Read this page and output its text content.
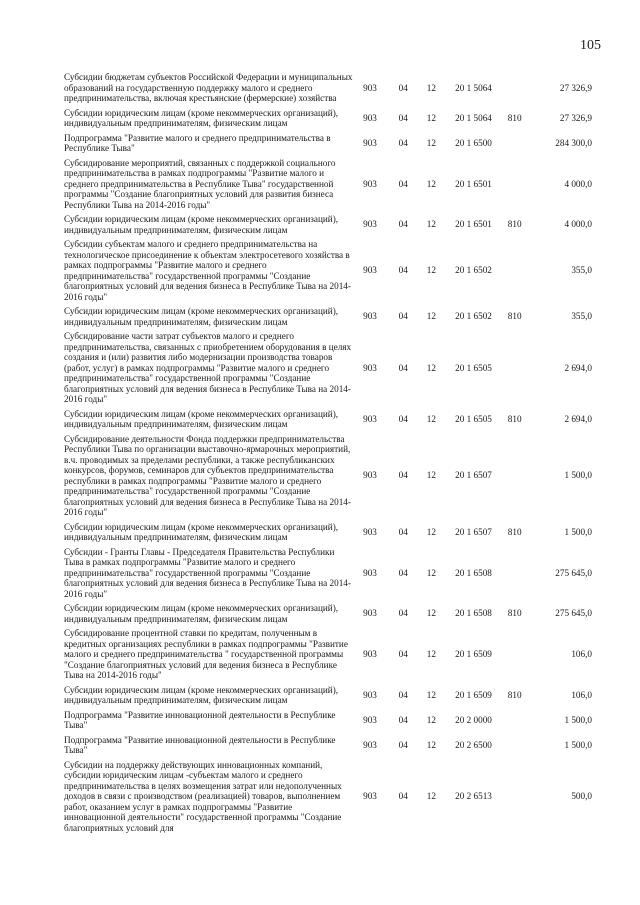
105
Субсидии бюджетам субъектов Российской Федерации и муниципальных образований на государственную поддержку малого и среднего предпринимательства, включая крестьянские (фермерские) хозяйства	903	04	12	20 1 5064		27 326,9
Субсидии юридическим лицам (кроме некоммерческих организаций), индивидуальным предпринимателям, физическим лицам	903	04	12	20 1 5064	810	27 326,9
Подпрограмма "Развитие малого и среднего предпринимательства в Республике Тыва"	903	04	12	20 1 6500		284 300,0
Субсидирование мероприятий, связанных с поддержкой социального предпринимательства в рамках подпрограммы "Развитие малого и среднего предпринимательства в Республике Тыва" государственной программы "Создание благоприятных условий для развития бизнеса Республики Тыва на 2014-2016 годы"	903	04	12	20 1 6501		4 000,0
Субсидии юридическим лицам (кроме некоммерческих организаций), индивидуальным предпринимателям, физическим лицам	903	04	12	20 1 6501	810	4 000,0
Субсидии субъектам малого и среднего предпринимательства на технологическое присоединение к объектам электросетевого хозяйства в рамках подпрограммы "Развитие малого и среднего предпринимательства" государственной программы "Создание благоприятных условий для ведения бизнеса в Республике Тыва на 2014-2016 годы"	903	04	12	20 1 6502		355,0
Субсидии юридическим лицам (кроме некоммерческих организаций), индивидуальным предпринимателям, физическим лицам	903	04	12	20 1 6502	810	355,0
Субсидирование части затрат субъектов малого и среднего предпринимательства, связанных с приобретением оборудования в целях создания и (или) развития либо модернизации производства товаров (работ, услуг) в рамках подпрограммы "Развитие малого и среднего предпринимательства" государственной программы "Создание благоприятных условий для ведения бизнеса в Республике Тыва на 2014-2016 годы"	903	04	12	20 1 6505		2 694,0
Субсидии юридическим лицам (кроме некоммерческих организаций), индивидуальным предпринимателям, физическим лицам	903	04	12	20 1 6505	810	2 694,0
Субсидирование деятельности Фонда поддержки предпринимательства Республики Тыва по организации выставочно-ярмарочных мероприятий, в.ч. проводимых за пределами республики, а также республиканских конкурсов, форумов, семинаров для субъектов предпринимательства республики в рамках подпрограммы "Развитие малого и среднего предпринимательства" государственной программы "Создание благоприятных условий для ведения бизнеса в Республике Тыва на 2014-2016 годы"	903	04	12	20 1 6507		1 500,0
Субсидии юридическим лицам (кроме некоммерческих организаций), индивидуальным предпринимателям, физическим лицам	903	04	12	20 1 6507	810	1 500,0
Субсидии - Гранты Главы - Председателя Правительства Республики Тыва в рамках подпрограммы "Развитие малого и среднего предпринимательства" государственной программы "Создание благоприятных условий для ведения бизнеса в Республике Тыва на 2014-2016 годы"	903	04	12	20 1 6508		275 645,0
Субсидии юридическим лицам (кроме некоммерческих организаций), индивидуальным предпринимателям, физическим лицам	903	04	12	20 1 6508	810	275 645,0
Субсидирование процентной ставки по кредитам, полученным в кредитных организациях республики в рамках подпрограммы "Развитие малого и среднего предпринимательства " государственной программы "Создание благоприятных условий для ведения бизнеса в Республике Тыва на 2014-2016 годы"	903	04	12	20 1 6509		106,0
Субсидии юридическим лицам (кроме некоммерческих организаций), индивидуальным предпринимателям, физическим лицам	903	04	12	20 1 6509	810	106,0
Подпрограмма "Развитие инновационной деятельности в Республике Тыва"	903	04	12	20 2 0000		1 500,0
Подпрограмма "Развитие инновационной деятельности в Республике Тыва"	903	04	12	20 2 6500		1 500,0
Субсидии на поддержку действующих инновационных компаний, субсидии юридическим лицам -субъектам малого и среднего предпринимательства в целях возмещения затрат или недополученных доходов в связи с производством (реализацией) товаров, выполнением работ, оказанием услуг в рамках подпрограммы "Развитие инновационной деятельности" государственной программы "Создание благоприятных условий для	903	04	12	20 2 6513		500,0
